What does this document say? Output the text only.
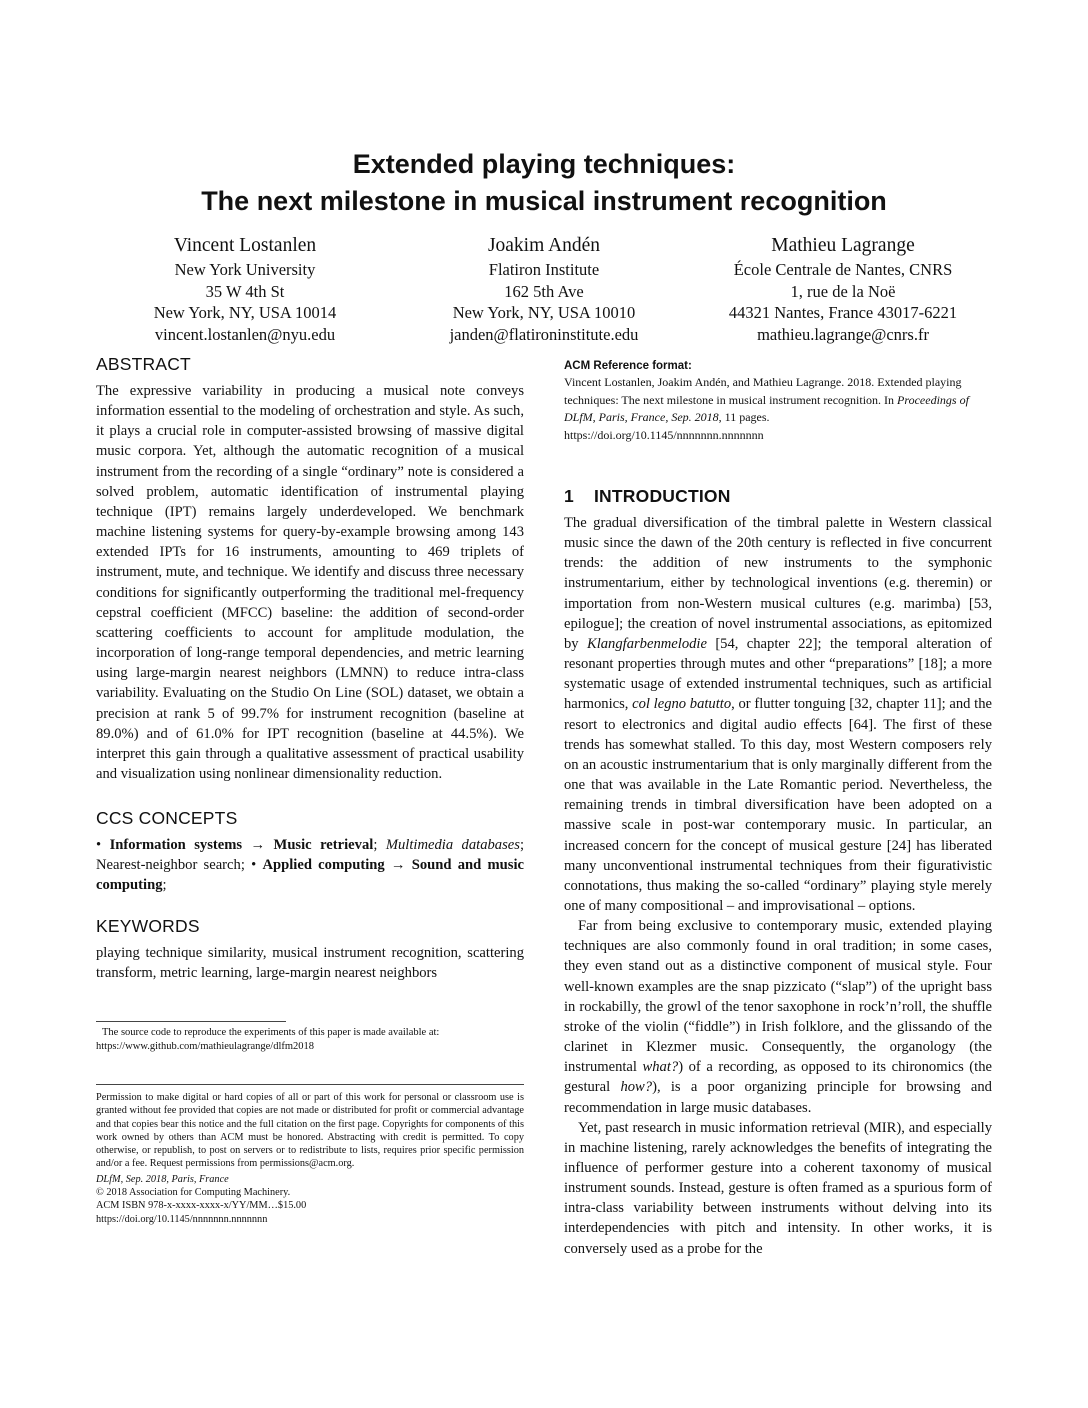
Extended playing techniques:
The next milestone in musical instrument recognition
Vincent Lostanlen
New York University
35 W 4th St
New York, NY, USA 10014
vincent.lostanlen@nyu.edu
Joakim Andén
Flatiron Institute
162 5th Ave
New York, NY, USA 10010
janden@flatironinstitute.edu
Mathieu Lagrange
École Centrale de Nantes, CNRS
1, rue de la Noë
44321 Nantes, France 43017-6221
mathieu.lagrange@cnrs.fr
ABSTRACT

The expressive variability in producing a musical note conveys information essential to the modeling of orchestration and style. As such, it plays a crucial role in computer-assisted browsing of massive digital music corpora. Yet, although the automatic recognition of a musical instrument from the recording of a single “ordinary” note is considered a solved problem, automatic identification of instrumental playing technique (IPT) remains largely underdeveloped. We benchmark machine listening systems for query-by-example browsing among 143 extended IPTs for 16 instruments, amounting to 469 triplets of instrument, mute, and technique. We identify and discuss three necessary conditions for significantly outperforming the traditional mel-frequency cepstral coefficient (MFCC) baseline: the addition of second-order scattering coefficients to account for amplitude modulation, the incorporation of long-range temporal dependencies, and metric learning using large-margin nearest neighbors (LMNN) to reduce intra-class variability. Evaluating on the Studio On Line (SOL) dataset, we obtain a precision at rank 5 of 99.7% for instrument recognition (baseline at 89.0%) and of 61.0% for IPT recognition (baseline at 44.5%). We interpret this gain through a qualitative assessment of practical usability and visualization using nonlinear dimensionality reduction.

CCS CONCEPTS
• Information systems → Music retrieval; Multimedia databases; Nearest-neighbor search; • Applied computing → Sound and music computing;
KEYWORDS

playing technique similarity, musical instrument recognition, scattering transform, metric learning, large-margin nearest neighbors

The source code to reproduce the experiments of this paper is made available at:
https://www.github.com/mathieulagrange/dlfm2018
Permission to make digital or hard copies of all or part of this work for personal or classroom use is granted without fee provided that copies are not made or distributed for profit or commercial advantage and that copies bear this notice and the full citation on the first page. Copyrights for components of this work owned by others than ACM must be honored. Abstracting with credit is permitted. To copy otherwise, or republish, to post on servers or to redistribute to lists, requires prior specific permission and/or a fee. Request permissions from permissions@acm.org.
DLfM, Sep. 2018, Paris, France
© 2018 Association for Computing Machinery.
ACM ISBN 978-x-xxxx-xxxx-x/YY/MM…$15.00
https://doi.org/10.1145/nnnnnnn.nnnnnnn
ACM Reference format:
Vincent Lostanlen, Joakim Andén, and Mathieu Lagrange. 2018. Extended playing techniques: The next milestone in musical instrument recognition. In Proceedings of DLfM, Paris, France, Sep. 2018, 11 pages.
https://doi.org/10.1145/nnnnnnn.nnnnnnn
1 INTRODUCTION

The gradual diversification of the timbral palette in Western classical music since the dawn of the 20th century is reflected in five concurrent trends: the addition of new instruments to the symphonic instrumentarium, either by technological inventions (e.g. theremin) or importation from non-Western musical cultures (e.g. marimba) [53, epilogue]; the creation of novel instrumental associations, as epitomized by Klangfarbenmelodie [54, chapter 22]; the temporal alteration of resonant properties through mutes and other “preparations” [18]; a more systematic usage of extended instrumental techniques, such as artificial harmonics, col legno batutto, or flutter tonguing [32, chapter 11]; and the resort to electronics and digital audio effects [64]. The first of these trends has somewhat stalled. To this day, most Western composers rely on an acoustic instrumentarium that is only marginally different from the one that was available in the Late Romantic period. Nevertheless, the remaining trends in timbral diversification have been adopted on a massive scale in post-war contemporary music. In particular, an increased concern for the concept of musical gesture [24] has liberated many unconventional instrumental techniques from their figurativistic connotations, thus making the so-called “ordinary” playing style merely one of many compositional – and improvisational – options.

Far from being exclusive to contemporary music, extended playing techniques are also commonly found in oral tradition; in some cases, they even stand out as a distinctive component of musical style. Four well-known examples are the snap pizzicato (“slap”) of the upright bass in rockabilly, the growl of the tenor saxophone in rock’n’roll, the shuffle stroke of the violin (“fiddle”) in Irish folklore, and the glissando of the clarinet in Klezmer music. Consequently, the organology (the instrumental what?) of a recording, as opposed to its chironomics (the gestural how?), is a poor organizing principle for browsing and recommendation in large music databases.

Yet, past research in music information retrieval (MIR), and especially in machine listening, rarely acknowledges the benefits of integrating the influence of performer gesture into a coherent taxonomy of musical instrument sounds. Instead, gesture is often framed as a spurious form of intra-class variability between instruments without delving into its interdependencies with pitch and intensity. In other works, it is conversely used as a probe for the
